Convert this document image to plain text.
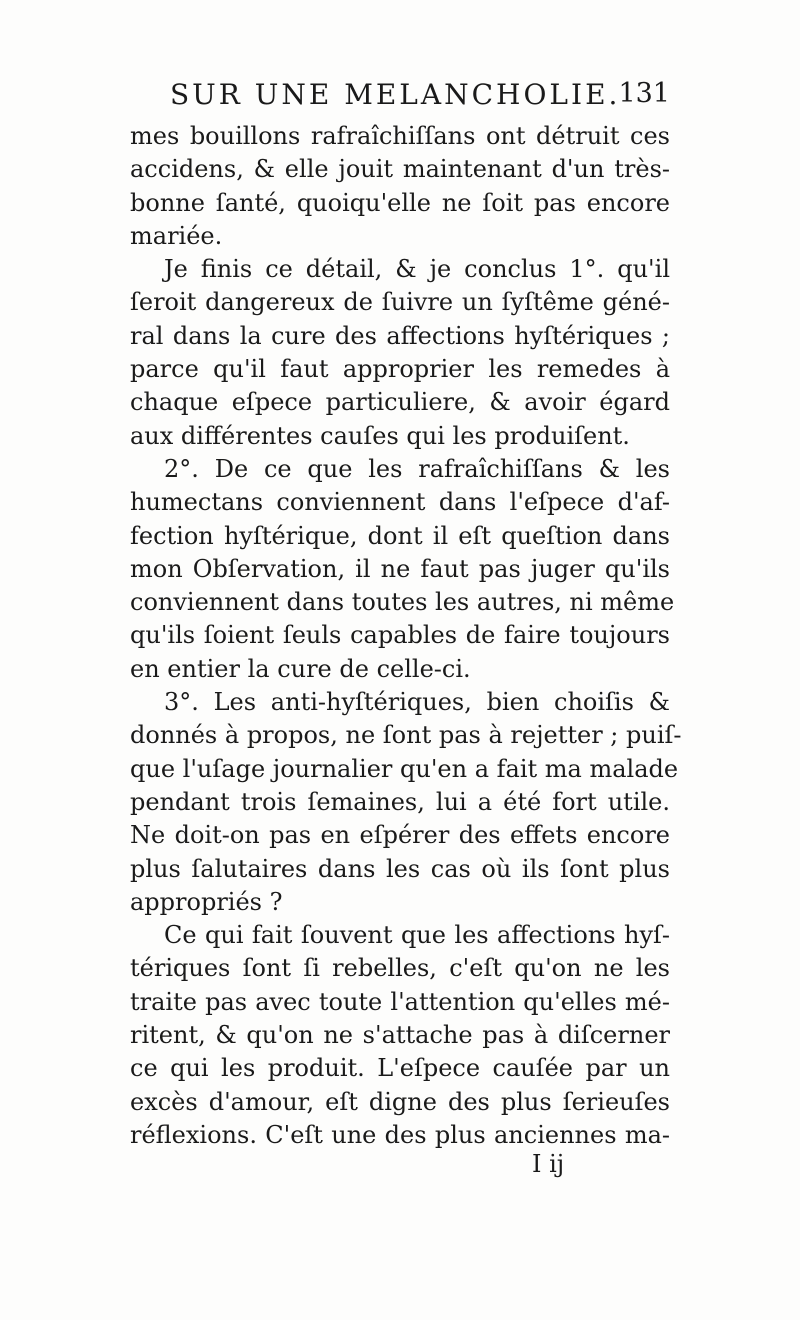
SUR UNE MELANCHOLIE.
131
mes bouillons rafraîchiſſans ont détruit ces
accidens, & elle jouit maintenant d'un très-
bonne ſanté, quoiqu'elle ne ſoit pas encore
mariée.
Je finis ce détail, & je conclus 1°. qu'il
ſeroit dangereux de ſuivre un ſyſtême géné-
ral dans la cure des affections hyſtériques ;
parce qu'il faut approprier les remedes à
chaque eſpece particuliere, & avoir égard
aux différentes cauſes qui les produiſent.
2°. De ce que les rafraîchiſſans & les
humectans conviennent dans l'eſpece d'af-
fection hyſtérique, dont il eſt queſtion dans
mon Obſervation, il ne faut pas juger qu'ils
conviennent dans toutes les autres, ni même
qu'ils ſoient ſeuls capables de faire toujours
en entier la cure de celle-ci.
3°. Les anti-hyſtériques, bien choiſis &
donnés à propos, ne ſont pas à rejetter ; puiſ-
que l'uſage journalier qu'en a fait ma malade
pendant trois ſemaines, lui a été fort utile.
Ne doit-on pas en eſpérer des effets encore
plus ſalutaires dans les cas où ils ſont plus
appropriés ?
Ce qui fait ſouvent que les affections hyſ-
tériques ſont ſi rebelles, c'eſt qu'on ne les
traite pas avec toute l'attention qu'elles mé-
ritent, & qu'on ne s'attache pas à diſcerner
ce qui les produit. L'eſpece cauſée par un
excès d'amour, eſt digne des plus ſerieuſes
réflexions. C'eſt une des plus anciennes ma-
I ij
